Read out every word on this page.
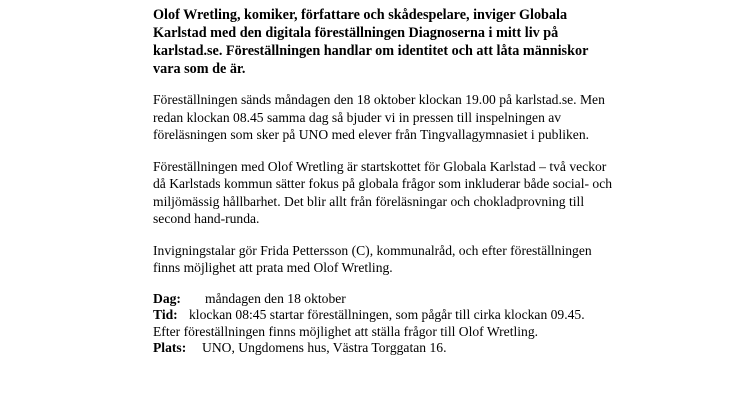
Olof Wretling, komiker, författare och skådespelare, inviger Globala Karlstad med den digitala föreställningen Diagnoserna i mitt liv på karlstad.se. Föreställningen handlar om identitet och att låta människor vara som de är.

Föreställningen sänds måndagen den 18 oktober klockan 19.00 på karlstad.se. Men redan klockan 08.45 samma dag så bjuder vi in pressen till inspelningen av föreläsningen som sker på UNO med elever från Tingvallagymnasiet i publiken.

Föreställningen med Olof Wretling är startskottet för Globala Karlstad – två veckor då Karlstads kommun sätter fokus på globala frågor som inkluderar både social- och miljömässig hållbarhet. Det blir allt från föreläsningar och chokladprovning till second hand-runda.

Invigningstalar gör Frida Pettersson (C), kommunalråd, och efter föreställningen finns möjlighet att prata med Olof Wretling.

Dag: måndagen den 18 oktober

Tid: klockan 08:45 startar föreställningen, som pågår till cirka klockan 09.45. Efter föreställningen finns möjlighet att ställa frågor till Olof Wretling.

Plats: UNO, Ungdomens hus, Västra Torggatan 16.
